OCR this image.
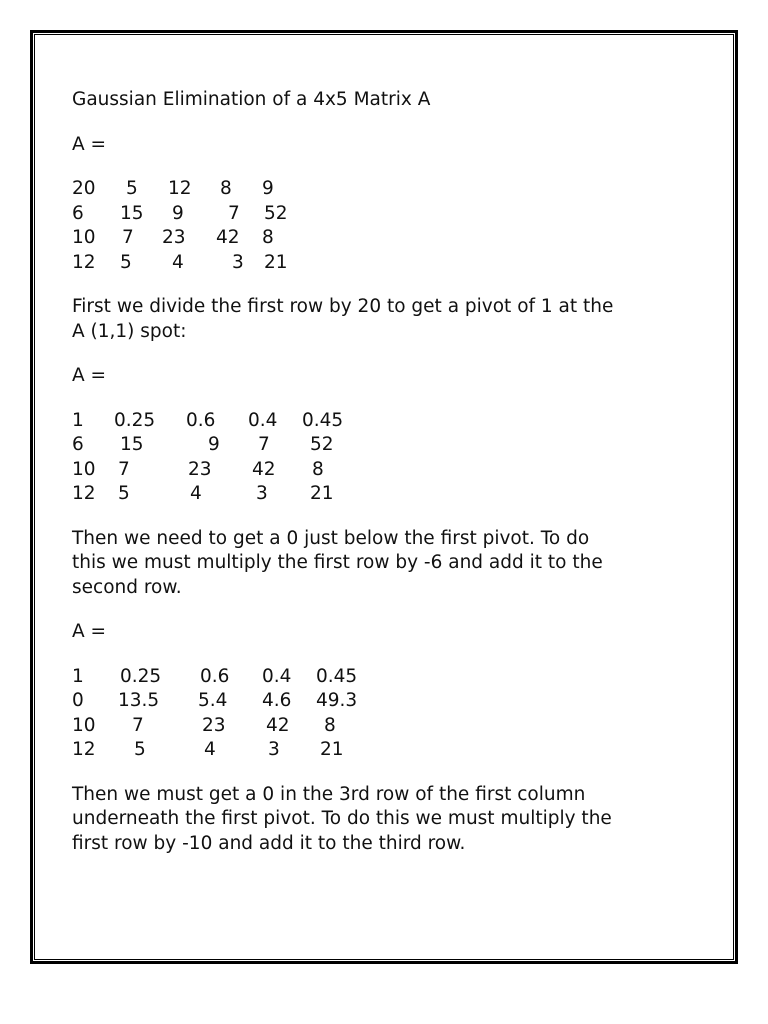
Gaussian Elimination of a 4x5 Matrix A

A =

20 5 12 8 9
6 15 9 7 52
10 7 23 42 8
12 5 4	3 21

First we divide the first row by 20 to get a pivot of 1 at the

A (1,1) spot:

A =

1 0.25 0.6 0.4 0.45
6 15	9 7 52
10 7	23 42 8
12 5	4	3 21

Then we need to get a 0 just below the first pivot. To do

this we must multiply the first row by -6 and add it to the

second row.

A =

1 0.25 0.6 0.4 0.45
0 13.5 5.4 4.6 49.3
10 7	23 42 8
12 5	4	3 21

Then we must get a 0 in the 3rd row of the first column

underneath the first pivot. To do this we must multiply the

first row by -10 and add it to the third row.
